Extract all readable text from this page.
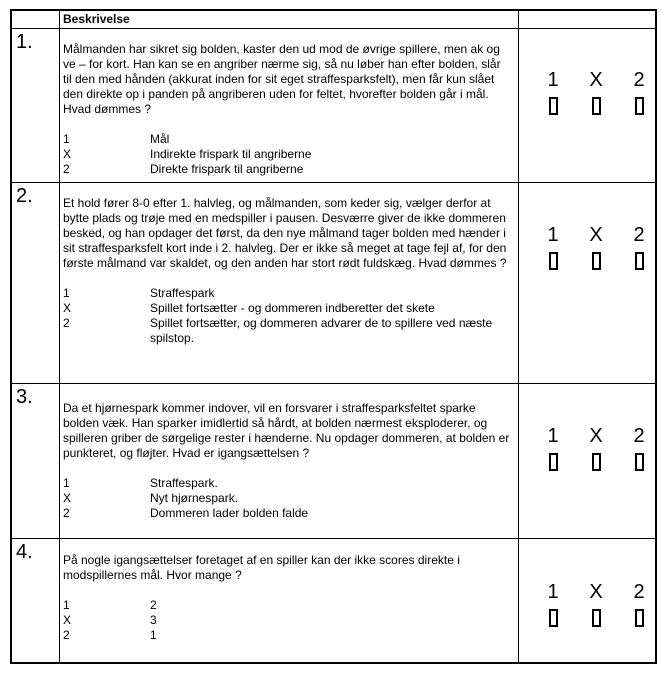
Beskrivelse
1.	Målmanden har sikret sig bolden, kaster den ud mod de øvrige spillere, men ak og ve – for kort. Han kan se en angriber nærme sig, så nu løber han efter bolden, slår til den med hånden (akkurat inden for sit eget straffesparksfelt), men får kun slået den direkte op i panden på angriberen uden for feltet, hvorefter bolden går i mål. Hvad dømmes ?

1	Mål
X	Indirekte frispark til angriberne
2	Direkte frispark til angriberne
1	X	2
2.	Et hold fører 8-0 efter 1. halvleg, og målmanden, som keder sig, vælger derfor at bytte plads og trøje med en medspiller i pausen. Desværre giver de ikke dommeren besked, og han opdager det først, da den nye målmand tager bolden med hænder i sit straffesparksfelt kort inde i 2. halvleg. Der er ikke så meget at tage fejl af, for den første målmand var skaldet, og den anden har stort rødt fuldskæg. Hvad dømmes ?

1	Straffespark
X	Spillet fortsætter - og dommeren indberetter det skete
2	Spillet fortsætter, og dommeren advarer de to spillere ved næste spilstop.
1	X	2
3.	Da et hjørnespark kommer indover, vil en forsvarer i straffesparksfeltet sparke bolden væk. Han sparker imidlertid så hårdt, at bolden nærmest eksploderer, og spilleren griber de sørgelige rester i hænderne. Nu opdager dommeren, at bolden er punkteret, og fløjter. Hvad er igangsættelsen ?

1	Straffespark.
X	Nyt hjørnespark.
2	Dommeren lader bolden falde
1	X	2
4.	På nogle igangsættelser foretaget af en spiller kan der ikke scores direkte i modspillernes mål. Hvor mange ?

1	2
X	3
2	1
1	X	2
